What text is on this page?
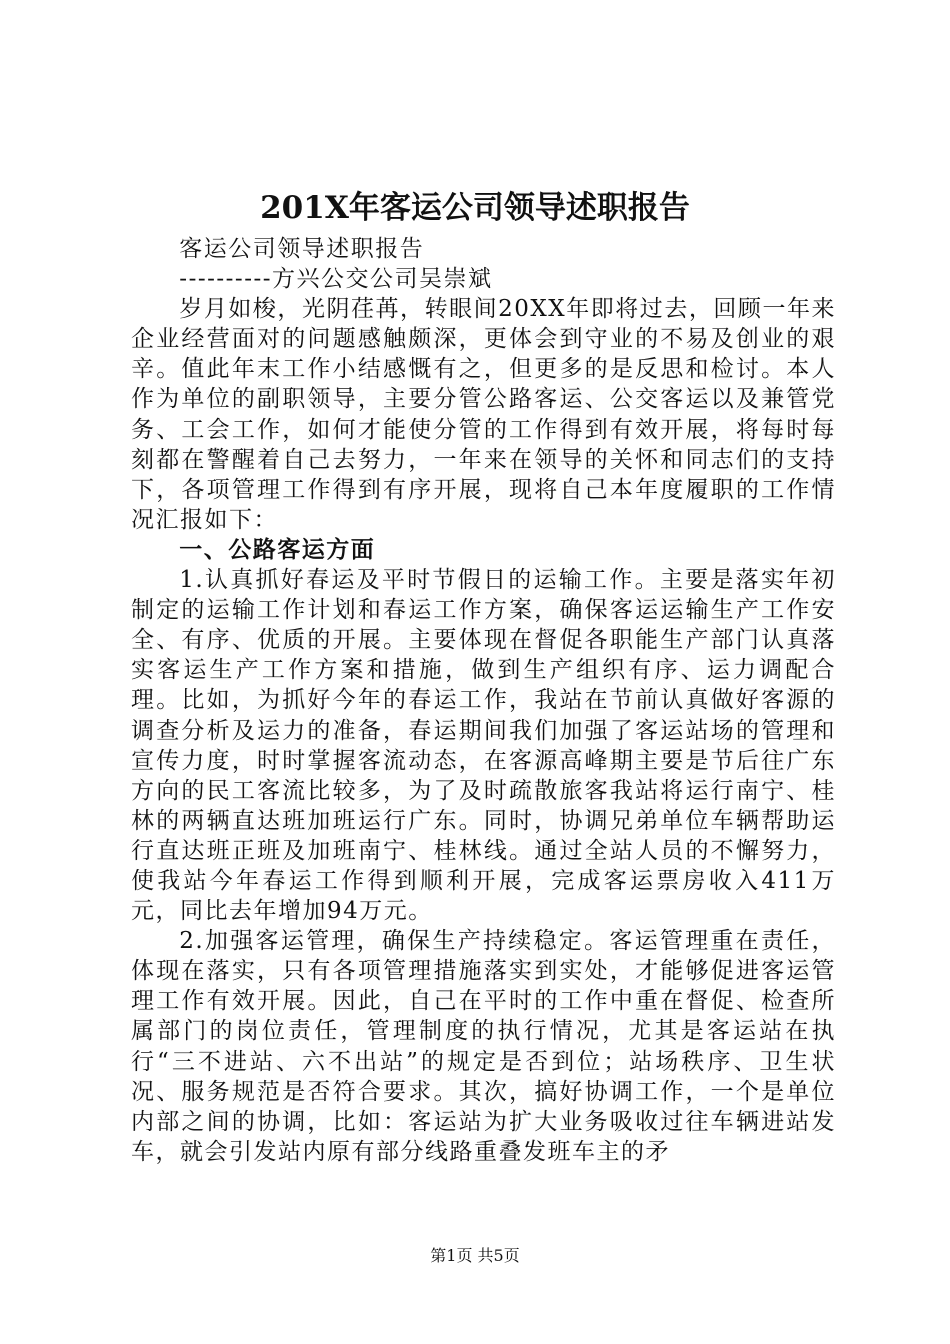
201X年客运公司领导述职报告

客运公司领导述职报告

----------方兴公交公司吴崇斌

岁月如梭，光阴荏苒，转眼间20XX年即将过去，回顾一年来企业经营面对的问题感触颇深，更体会到守业的不易及创业的艰辛。值此年末工作小结感慨有之，但更多的是反思和检讨。本人作为单位的副职领导，主要分管公路客运、公交客运以及兼管党务、工会工作，如何才能使分管的工作得到有效开展，将每时每刻都在警醒着自己去努力，一年来在领导的关怀和同志们的支持下，各项管理工作得到有序开展，现将自己本年度履职的工作情况汇报如下：

一、公路客运方面

1.认真抓好春运及平时节假日的运输工作。主要是落实年初制定的运输工作计划和春运工作方案，确保客运运输生产工作安全、有序、优质的开展。主要体现在督促各职能生产部门认真落实客运生产工作方案和措施，做到生产组织有序、运力调配合理。比如，为抓好今年的春运工作，我站在节前认真做好客源的调查分析及运力的准备，春运期间我们加强了客运站场的管理和宣传力度，时时掌握客流动态，在客源高峰期主要是节后往广东方向的民工客流比较多，为了及时疏散旅客我站将运行南宁、桂林的两辆直达班加班运行广东。同时，协调兄弟单位车辆帮助运行直达班正班及加班南宁、桂林线。通过全站人员的不懈努力，使我站今年春运工作得到顺利开展，完成客运票房收入411万元，同比去年增加94万元。

2.加强客运管理，确保生产持续稳定。客运管理重在责任，体现在落实，只有各项管理措施落实到实处，才能够促进客运管理工作有效开展。因此，自己在平时的工作中重在督促、检查所属部门的岗位责任，管理制度的执行情况，尤其是客运站在执行“三不进站、六不出站”的规定是否到位；站场秩序、卫生状况、服务规范是否符合要求。其次，搞好协调工作，一个是单位内部之间的协调，比如：客运站为扩大业务吸收过往车辆进站发车，就会引发站内原有部分线路重叠发班车主的矛

第1页 共5页
